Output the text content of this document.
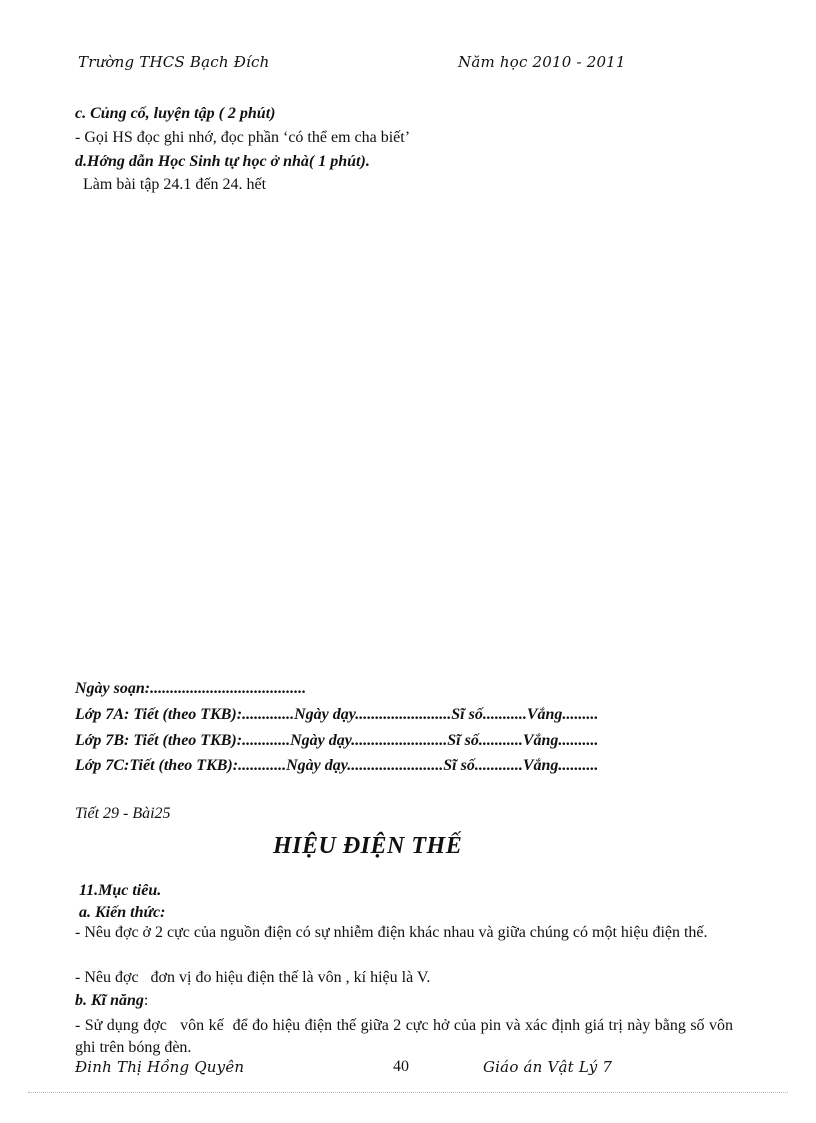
Trường THCS Bạch Đích	Năm học 2010 - 2011
c. Củng cố, luyện tập ( 2 phút)
- Gọi HS đọc ghi nhớ, đọc phần ‘có thể em cha biết’
d.Hớng dẫn Học Sinh tự học ở nhà( 1 phút).
Làm bài tập 24.1 đến 24. hết
Ngày soạn:.......................................
Lớp 7A: Tiết (theo TKB):.............Ngày dạy........................Sĩ số...........Vắng.........
Lớp 7B: Tiết (theo TKB):............Ngày dạy........................Sĩ số...........Vắng..........
Lớp 7C:Tiết (theo TKB):............Ngày dạy........................Sĩ số............Vắng..........
Tiết 29 - Bài25
HIỆU ĐIỆN THẾ
11.Mục tiêu.
a. Kiến thức:
- Nêu đợc ở 2 cực của nguồn điện có sự nhiễm điện khác nhau và giữa chúng có một hiệu điện thế.
- Nêu đợc   đơn vị đo hiệu điện thế là vôn , kí hiệu là V.
b. Kĩ năng:
- Sử dụng đợc   vôn kế  để đo hiệu điện thế giữa 2 cực hở của pin và xác định giá trị này bằng số vôn ghi trên bóng đèn.
Đinh Thị Hồng Quyên	40	Giáo án Vật Lý 7
